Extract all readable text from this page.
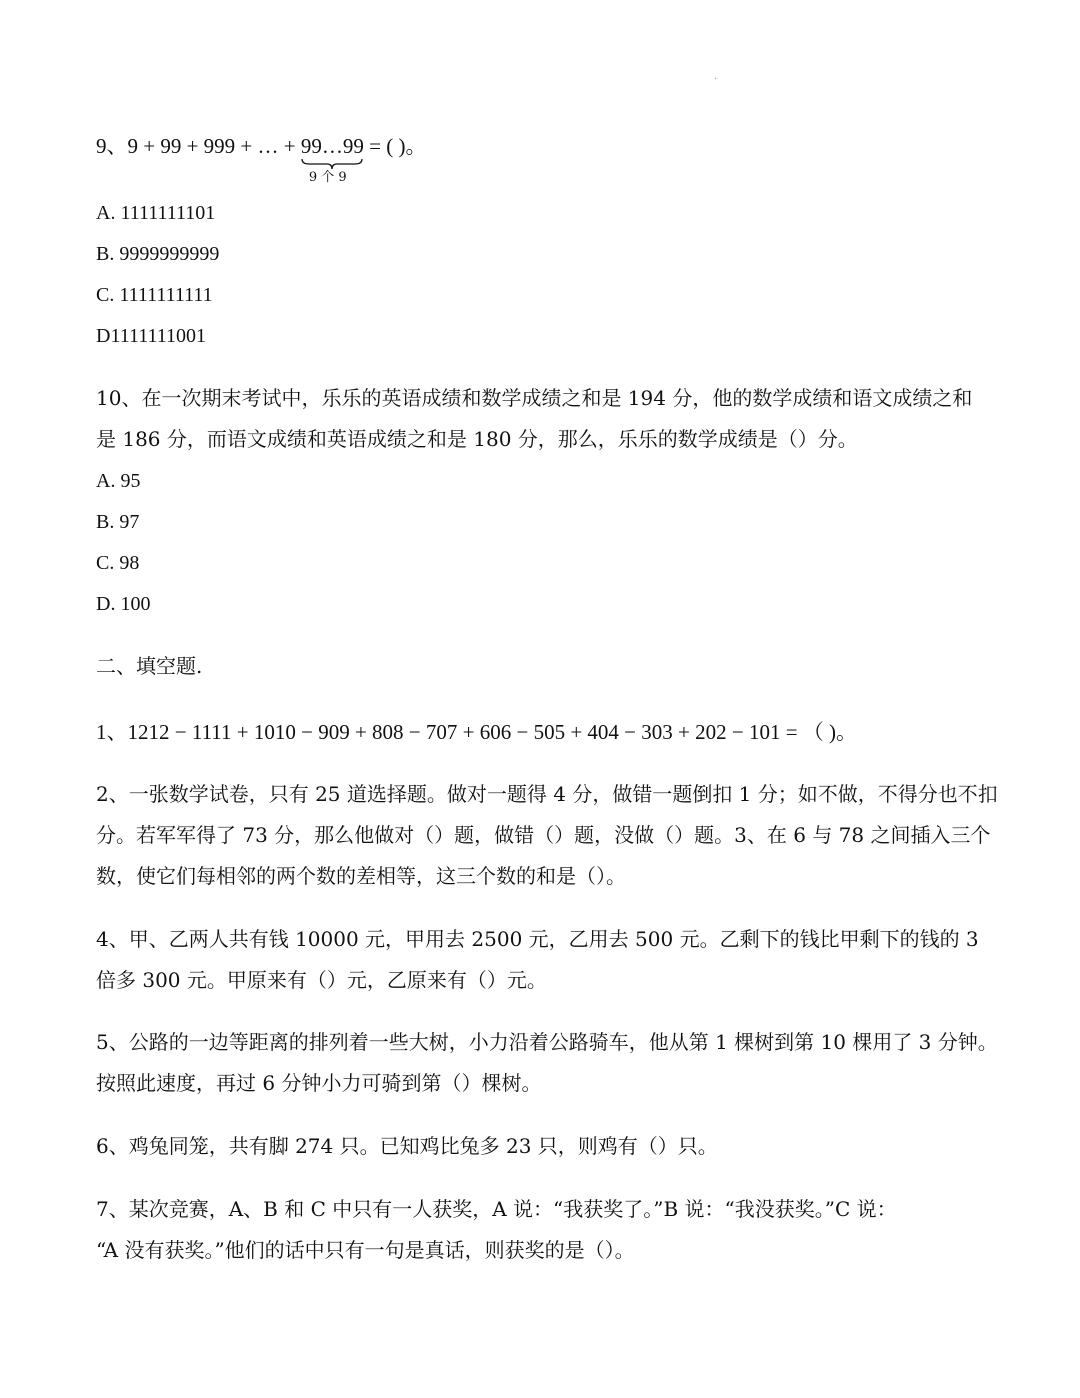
·
9、9 + 99 + 999 + … + 99…99
9 个 9
= ( )。
A. 1111111101
B. 9999999999
C. 1111111111
D1111111001
10、在一次期末考试中，乐乐的英语成绩和数学成绩之和是 194 分，他的数学成绩和语文成绩之和
是 186 分，而语文成绩和英语成绩之和是 180 分，那么，乐乐的数学成绩是（）分。
A. 95
B. 97
C. 98
D. 100
二、填空题.
1、1212 − 1111 + 1010 − 909 + 808 − 707 + 606 − 505 + 404 − 303 + 202 − 101 = （ )。
2、一张数学试卷，只有 25 道选择题。做对一题得 4 分，做错一题倒扣 1 分；如不做，不得分也不扣
分。若军军得了 73 分，那么他做对（）题，做错（）题，没做（）题。3、在 6 与 78 之间插入三个
数，使它们每相邻的两个数的差相等，这三个数的和是（）。
4、甲、乙两人共有钱 10000 元，甲用去 2500 元，乙用去 500 元。乙剩下的钱比甲剩下的钱的 3
倍多 300 元。甲原来有（）元，乙原来有（）元。
5、公路的一边等距离的排列着一些大树，小力沿着公路骑车，他从第 1 棵树到第 10 棵用了 3 分钟。
按照此速度，再过 6 分钟小力可骑到第（）棵树。
6、鸡兔同笼，共有脚 274 只。已知鸡比兔多 23 只，则鸡有（）只。
7、某次竞赛，A、B 和 C 中只有一人获奖，A 说：“我获奖了。”B 说：“我没获奖。”C 说：
“A 没有获奖。”他们的话中只有一句是真话，则获奖的是（）。
